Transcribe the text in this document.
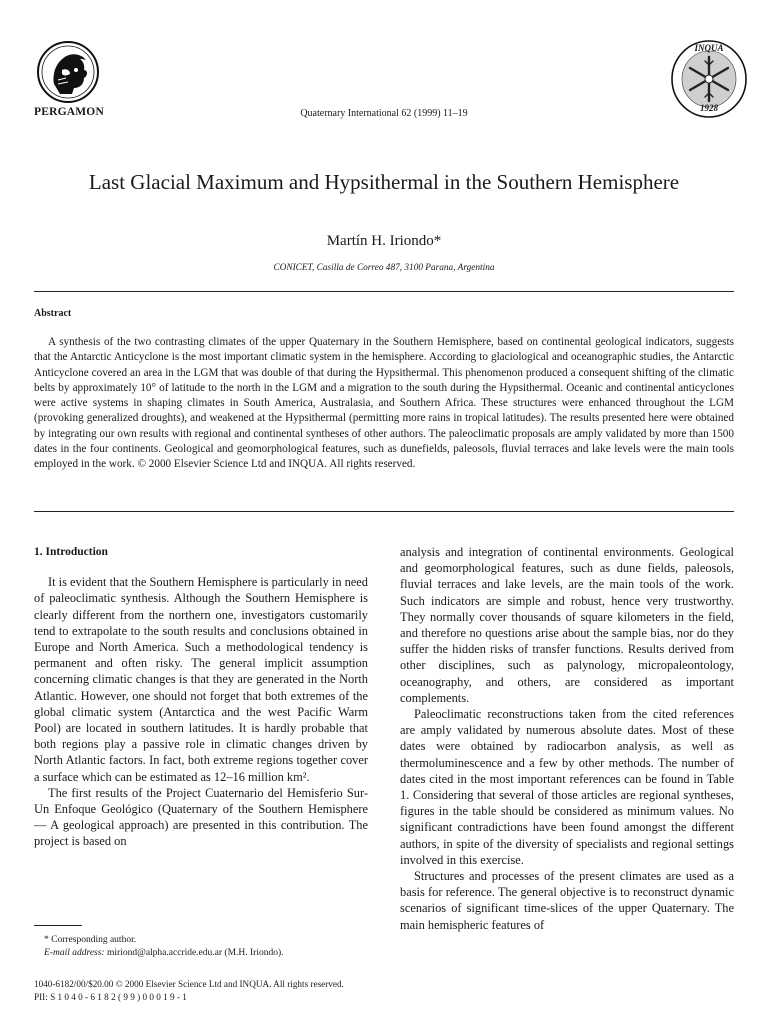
PERGAMON	Quaternary International 62 (1999) 11–19
INQUA
1928
Last Glacial Maximum and Hypsithermal in the Southern Hemisphere
Martín H. Iriondo*
CONICET, Casilla de Correo 487, 3100 Parana, Argentina
Abstract

A synthesis of the two contrasting climates of the upper Quaternary in the Southern Hemisphere, based on continental geological indicators, suggests that the Antarctic Anticyclone is the most important climatic system in the hemisphere. According to glaciological and oceanographic studies, the Antarctic Anticyclone covered an area in the LGM that was double of that during the Hypsithermal. This phenomenon produced a consequent shifting of the climatic belts by approximately 10° of latitude to the north in the LGM and a migration to the south during the Hypsithermal. Oceanic and continental anticyclones were active systems in shaping climates in South America, Australasia, and Southern Africa. These structures were enhanced throughout the LGM (provoking generalized droughts), and weakened at the Hypsithermal (permitting more rains in tropical latitudes). The results presented here were obtained by integrating our own results with regional and continental syntheses of other authors. The paleoclimatic proposals are amply validated by more than 1500 dates in the four continents. Geological and geomorphological features, such as dunefields, paleosols, fluvial terraces and lake levels were the main tools employed in the work. © 2000 Elsevier Science Ltd and INQUA. All rights reserved.

1. Introduction

It is evident that the Southern Hemisphere is particularly in need of paleoclimatic synthesis. Although the Southern Hemisphere is clearly different from the northern one, investigators customarily tend to extrapolate to the south results and conclusions obtained in Europe and North America. Such a methodological tendency is permanent and often risky. The general implicit assumption concerning climatic changes is that they are generated in the North Atlantic. However, one should not forget that both extremes of the global climatic system (Antarctica and the west Pacific Warm Pool) are located in southern latitudes. It is hardly probable that both regions play a passive role in climatic changes driven by North Atlantic factors. In fact, both extreme regions together cover a surface which can be estimated as 12–16 million km².

The first results of the Project Cuaternario del Hemisferio Sur-Un Enfoque Geológico (Quaternary of the Southern Hemisphere — A geological approach) are presented in this contribution. The project is based on

analysis and integration of continental environments. Geological and geomorphological features, such as dune fields, paleosols, fluvial terraces and lake levels, are the main tools of the work. Such indicators are simple and robust, hence very trustworthy. They normally cover thousands of square kilometers in the field, and therefore no questions arise about the sample bias, nor do they suffer the hidden risks of transfer functions. Results derived from other disciplines, such as palynology, micropaleontology, oceanography, and others, are considered as important complements.

Paleoclimatic reconstructions taken from the cited references are amply validated by numerous absolute dates. Most of these dates were obtained by radiocarbon analysis, as well as thermoluminescence and a few by other methods. The number of dates cited in the most important references can be found in Table 1. Considering that several of those articles are regional syntheses, figures in the table should be considered as minimum values. No significant contradictions have been found amongst the different authors, in spite of the diversity of specialists and regional settings involved in this exercise.

Structures and processes of the present climates are used as a basis for reference. The general objective is to reconstruct dynamic scenarios of significant time-slices of the upper Quaternary. The main hemispheric features of

* Corresponding author.
E-mail address: miriond@alpha.accride.edu.ar (M.H. Iriondo).
1040-6182/00/$20.00 © 2000 Elsevier Science Ltd and INQUA. All rights reserved.
PII: S 1 0 4 0 - 6 1 8 2 ( 9 9 ) 0 0 0 1 9 - 1
